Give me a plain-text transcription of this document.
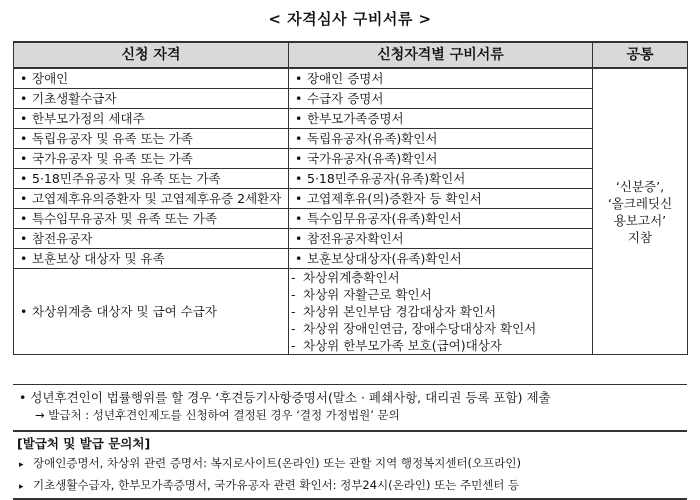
< 자격심사 구비서류 >
신청 자격	신청자격별 구비서류	공통
• 장애인	• 장애인 증명서	‘신분증’,
‘올크레딧신
용보고서’
지참

• 기초생활수급자	• 수급자 증명서	
• 한부모가정의 세대주	• 한부모가족증명서	
• 독립유공자 및 유족 또는 가족	• 독립유공자(유족)확인서	
• 국가유공자 및 유족 또는 가족	• 국가유공자(유족)확인서	
• 5·18민주유공자 및 유족 또는 가족	• 5·18민주유공자(유족)확인서	
• 고엽제후유의증환자 및 고엽제후유증 2세환자	• 고엽제후유(의)증환자 등 확인서	
• 특수임무유공자 및 유족 또는 가족	• 특수임무유공자(유족)확인서	
• 참전유공자	• 참전유공자확인서	
• 보훈보상 대상자 및 유족	• 보훈보상대상자(유족)확인서	
• 차상위계층 대상자 및 급여 수급자	- 차상위계층확인서
- 차상위 자활근로 확인서
- 차상위 본인부담 경감대상자 확인서
- 차상위 장애인연금, 장애수당대상자 확인서
- 차상위 한부모가족 보호(급여)대상자	
• 성년후견인이 법률행위를 할 경우 ‘후견등기사항증명서(말소 · 폐쇄사항, 대리권 등록 포함) 제출
→ 발급처 : 성년후견인제도를 신청하여 결정된 경우 ‘결정 가정법원’ 문의
[발급처 및 발급 문의처]
▸ 장애인증명서, 차상위 관련 증명서: 복지로사이트(온라인) 또는 관할 지역 행정복지센터(오프라인)
▸ 기초생활수급자, 한부모가족증명서, 국가유공자 관련 확인서: 정부24시(온라인) 또는 주민센터 등
